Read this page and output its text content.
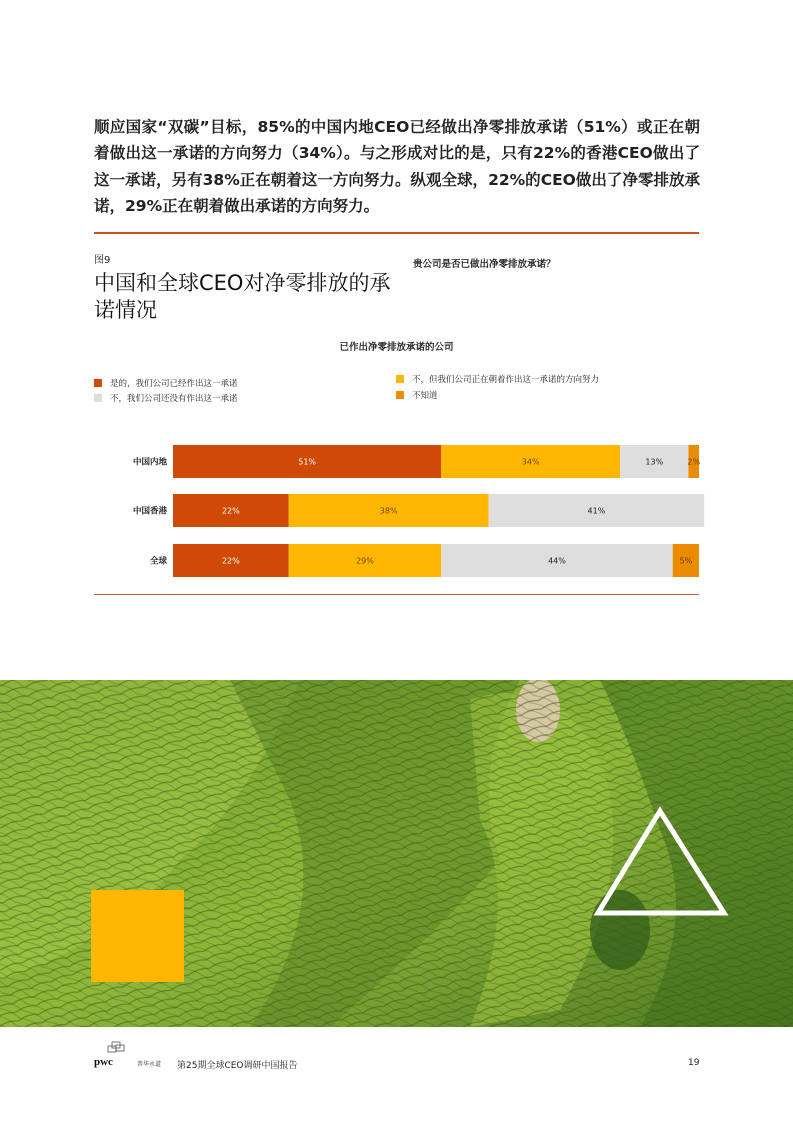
顺应国家“双碳”目标，85%的中国内地CEO已经做出净零排放承诺（51%）或正在朝着做出这一承诺的方向努力（34%）。与之形成对比的是，只有22%的香港CEO做出了这一承诺，另有38%正在朝着这一方向努力。纵观全球，22%的CEO做出了净零排放承诺，29%正在朝着做出承诺的方向努力。

图9
中国和全球CEO对净零排放的承诺情况
贵公司是否已做出净零排放承诺？
已作出净零排放承诺的公司
是的，我们公司已经作出这一承诺
不，我们公司还没有作出这一承诺
不，但我们公司正在朝着作出这一承诺的方向努力
不知道
中国内地	51%	34%	13%	2%
中国香港	22%	38%	41%
全球	22%	29%	44%	5%
pwc	普华永道 第25期全球CEO调研中国报告	19
